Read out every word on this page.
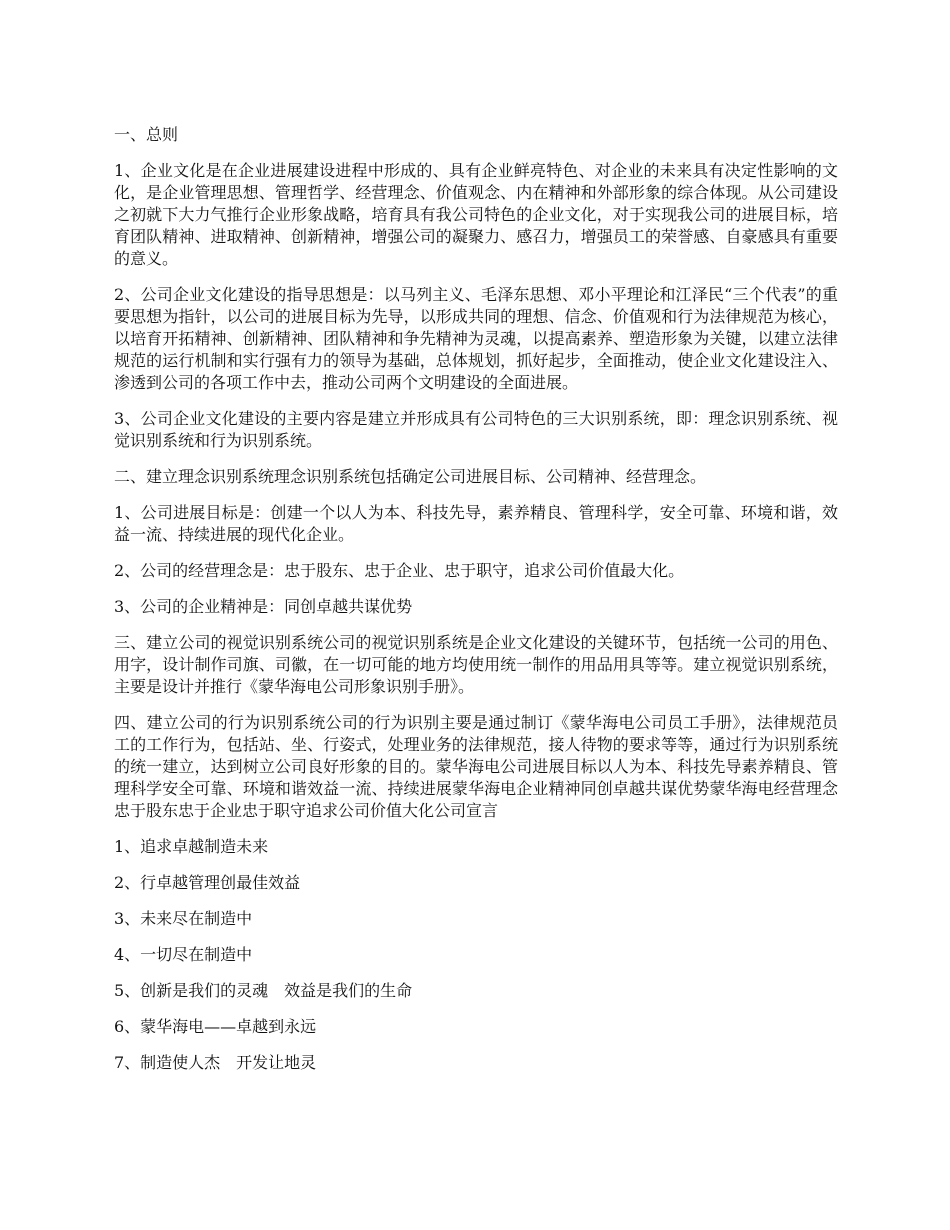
一、总则

1、企业文化是在企业进展建设进程中形成的、具有企业鲜亮特色、对企业的未来具有决定性影响的文化，是企业管理思想、管理哲学、经营理念、价值观念、内在精神和外部形象的综合体现。从公司建设之初就下大力气推行企业形象战略，培育具有我公司特色的企业文化，对于实现我公司的进展目标，培育团队精神、进取精神、创新精神，增强公司的凝聚力、感召力，增强员工的荣誉感、自豪感具有重要的意义。

2、公司企业文化建设的指导思想是：以马列主义、毛泽东思想、邓小平理论和江泽民“三个代表”的重要思想为指针，以公司的进展目标为先导，以形成共同的理想、信念、价值观和行为法律规范为核心，以培育开拓精神、创新精神、团队精神和争先精神为灵魂，以提高素养、塑造形象为关键，以建立法律规范的运行机制和实行强有力的领导为基础，总体规划，抓好起步，全面推动，使企业文化建设注入、渗透到公司的各项工作中去，推动公司两个文明建设的全面进展。

3、公司企业文化建设的主要内容是建立并形成具有公司特色的三大识别系统，即：理念识别系统、视觉识别系统和行为识别系统。

二、建立理念识别系统理念识别系统包括确定公司进展目标、公司精神、经营理念。

1、公司进展目标是：创建一个以人为本、科技先导，素养精良、管理科学，安全可靠、环境和谐，效益一流、持续进展的现代化企业。

2、公司的经营理念是：忠于股东、忠于企业、忠于职守，追求公司价值最大化。

3、公司的企业精神是：同创卓越共谋优势

三、建立公司的视觉识别系统公司的视觉识别系统是企业文化建设的关键环节，包括统一公司的用色、用字，设计制作司旗、司徽，在一切可能的地方均使用统一制作的用品用具等等。建立视觉识别系统，主要是设计并推行《蒙华海电公司形象识别手册》。

四、建立公司的行为识别系统公司的行为识别主要是通过制订《蒙华海电公司员工手册》，法律规范员工的工作行为，包括站、坐、行姿式，处理业务的法律规范，接人待物的要求等等，通过行为识别系统的统一建立，达到树立公司良好形象的目的。蒙华海电公司进展目标以人为本、科技先导素养精良、管理科学安全可靠、环境和谐效益一流、持续进展蒙华海电企业精神同创卓越共谋优势蒙华海电经营理念忠于股东忠于企业忠于职守追求公司价值大化公司宣言

1、追求卓越制造未来

2、行卓越管理创最佳效益

3、未来尽在制造中

4、一切尽在制造中

5、创新是我们的灵魂　效益是我们的生命

6、蒙华海电——卓越到永远

7、制造使人杰　开发让地灵
